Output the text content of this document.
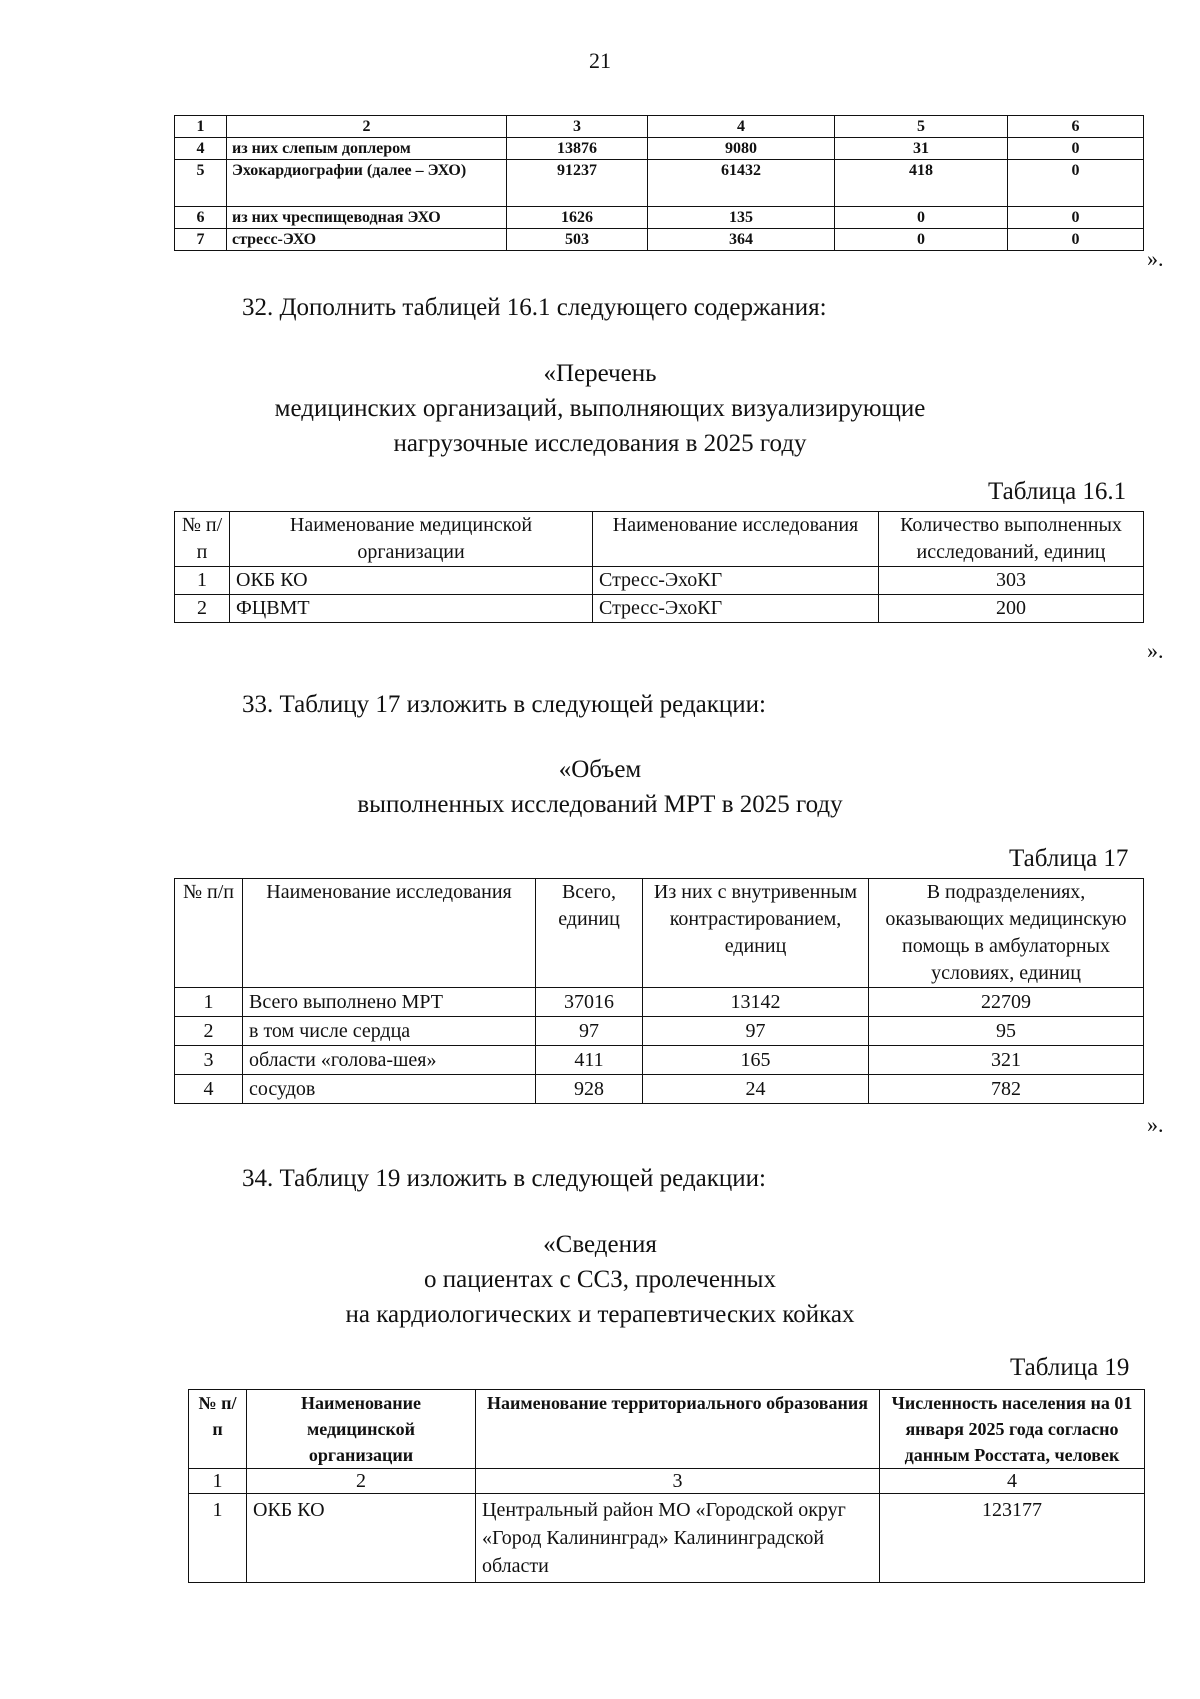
21
1	2	3	4	5	6
4	из них слепым доплером	13876	9080	31	0
5	Эхокардиографии (далее – ЭХО)	91237	61432	418	0
6	из них чреспищеводная ЭХО	1626	135	0	0
7	стресс-ЭХО	503	364	0	0
».
32. Дополнить таблицей 16.1 следующего содержания:
«Перечень
медицинских организаций, выполняющих визуализирующие
нагрузочные исследования в 2025 году
Таблица 16.1
№ п/п	Наименование медицинской организации	Наименование исследования	Количество выполненных исследований, единиц
1	ОКБ КО	Стресс-ЭхоКГ	303
2	ФЦВМТ	Стресс-ЭхоКГ	200
».
33. Таблицу 17 изложить в следующей редакции:
«Объем
выполненных исследований МРТ в 2025 году
Таблица 17
№ п/п	Наименование исследования	Всего, единиц	Из них с внутривенным контрастированием, единиц	В подразделениях, оказывающих медицинскую помощь в амбулаторных условиях, единиц
1	Всего выполнено МРТ	37016	13142	22709
2	в том числе сердца	97	97	95
3	области «голова-шея»	411	165	321
4	сосудов	928	24	782
».
34. Таблицу 19 изложить в следующей редакции:
«Сведения
о пациентах с ССЗ, пролеченных
на кардиологических и терапевтических койках
Таблица 19
№ п/п	Наименование медицинской организации	Наименование территориального образования	Численность населения на 01 января 2025 года согласно данным Росстата, человек
1	2	3	4
1	ОКБ КО	Центральный район МО «Городской округ «Город Калининград» Калининградской области	123177
